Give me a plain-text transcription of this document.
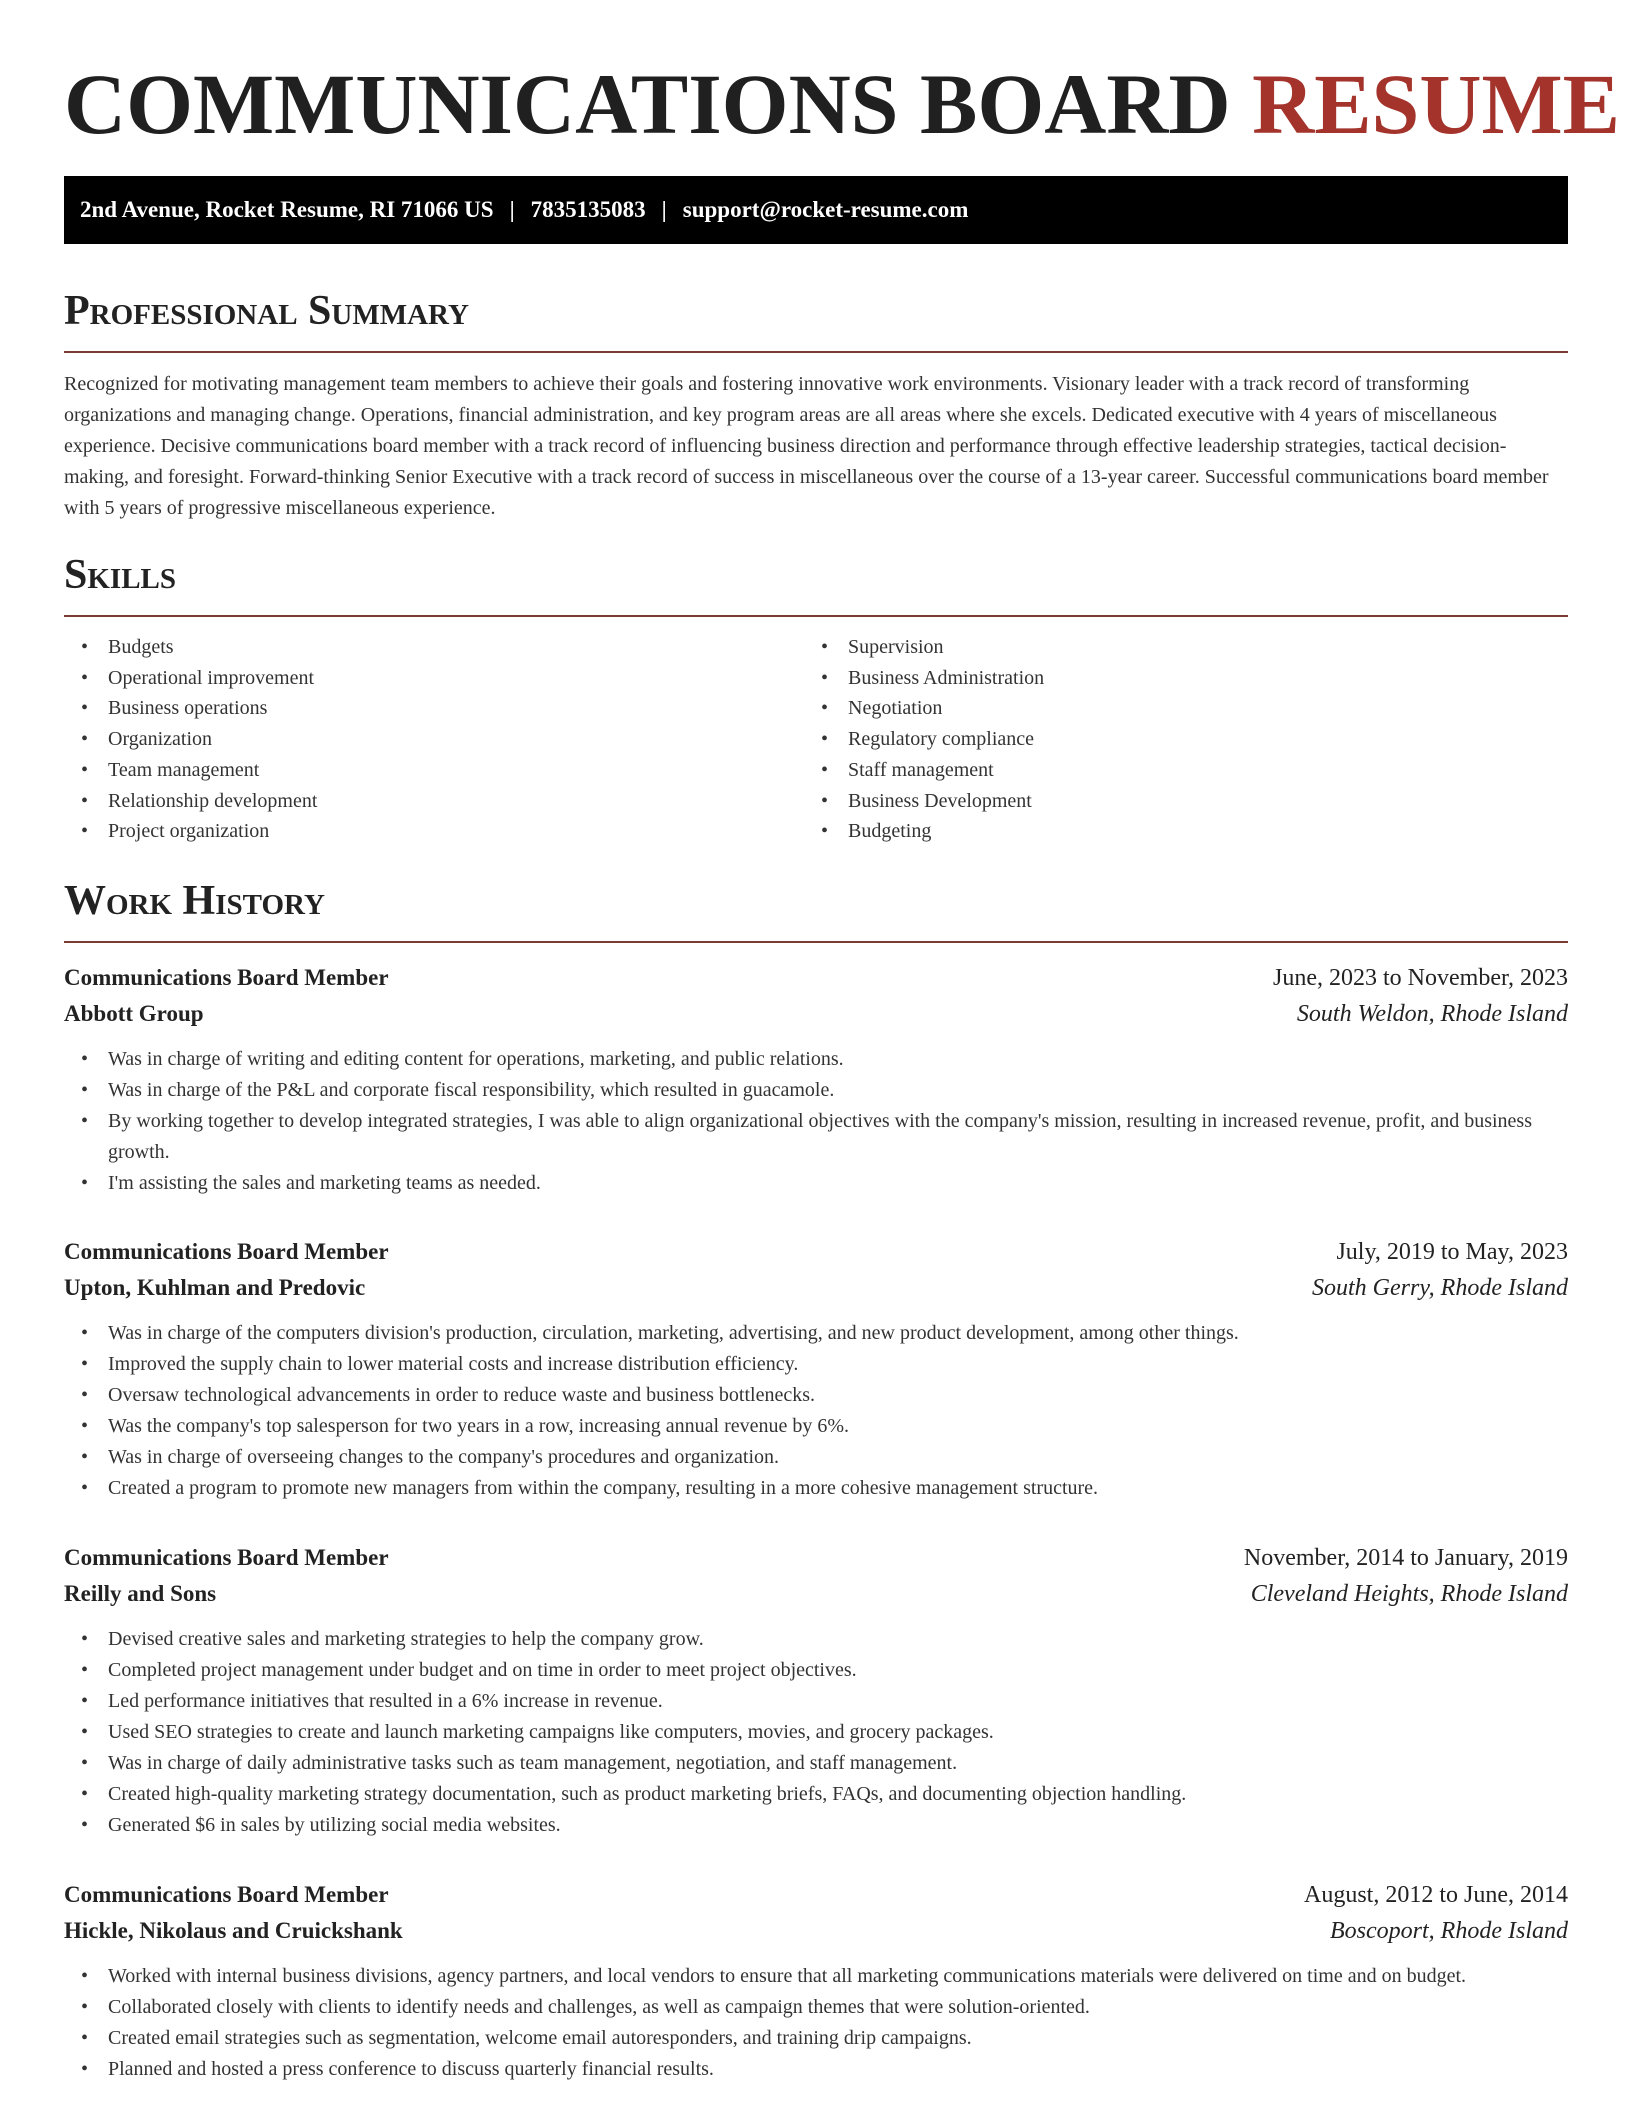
COMMUNICATIONS BOARD RESUME
2nd Avenue, Rocket Resume, RI 71066 US | 7835135083 | support@rocket-resume.com
Professional Summary

Recognized for motivating management team members to achieve their goals and fostering innovative work environments. Visionary leader with a track record of transforming organizations and managing change. Operations, financial administration, and key program areas are all areas where she excels. Dedicated executive with 4 years of miscellaneous experience. Decisive communications board member with a track record of influencing business direction and performance through effective leadership strategies, tactical decision-making, and foresight. Forward-thinking Senior Executive with a track record of success in miscellaneous over the course of a 13-year career. Successful communications board member with 5 years of progressive miscellaneous experience.

Skills
• Budgets
• Operational improvement
• Business operations
• Organization
• Team management
• Relationship development
• Project organization
• Supervision
• Business Administration
• Negotiation
• Regulatory compliance
• Staff management
• Business Development
• Budgeting
Work History
Communications Board Member	June, 2023 to November, 2023
Abbott Group	South Weldon, Rhode Island
• Was in charge of writing and editing content for operations, marketing, and public relations.
• Was in charge of the P&L and corporate fiscal responsibility, which resulted in guacamole.
• By working together to develop integrated strategies, I was able to align organizational objectives with the company's mission, resulting in increased revenue, profit, and business growth.
• I'm assisting the sales and marketing teams as needed.
Communications Board Member	July, 2019 to May, 2023
Upton, Kuhlman and Predovic	South Gerry, Rhode Island
• Was in charge of the computers division's production, circulation, marketing, advertising, and new product development, among other things.
• Improved the supply chain to lower material costs and increase distribution efficiency.
• Oversaw technological advancements in order to reduce waste and business bottlenecks.
• Was the company's top salesperson for two years in a row, increasing annual revenue by 6%.
• Was in charge of overseeing changes to the company's procedures and organization.
• Created a program to promote new managers from within the company, resulting in a more cohesive management structure.
Communications Board Member	November, 2014 to January, 2019
Reilly and Sons	Cleveland Heights, Rhode Island
• Devised creative sales and marketing strategies to help the company grow.
• Completed project management under budget and on time in order to meet project objectives.
• Led performance initiatives that resulted in a 6% increase in revenue.
• Used SEO strategies to create and launch marketing campaigns like computers, movies, and grocery packages.
• Was in charge of daily administrative tasks such as team management, negotiation, and staff management.
• Created high-quality marketing strategy documentation, such as product marketing briefs, FAQs, and documenting objection handling.
• Generated $6 in sales by utilizing social media websites.
Communications Board Member	August, 2012 to June, 2014
Hickle, Nikolaus and Cruickshank	Boscoport, Rhode Island
• Worked with internal business divisions, agency partners, and local vendors to ensure that all marketing communications materials were delivered on time and on budget.
• Collaborated closely with clients to identify needs and challenges, as well as campaign themes that were solution-oriented.
• Created email strategies such as segmentation, welcome email autoresponders, and training drip campaigns.
• Planned and hosted a press conference to discuss quarterly financial results.
